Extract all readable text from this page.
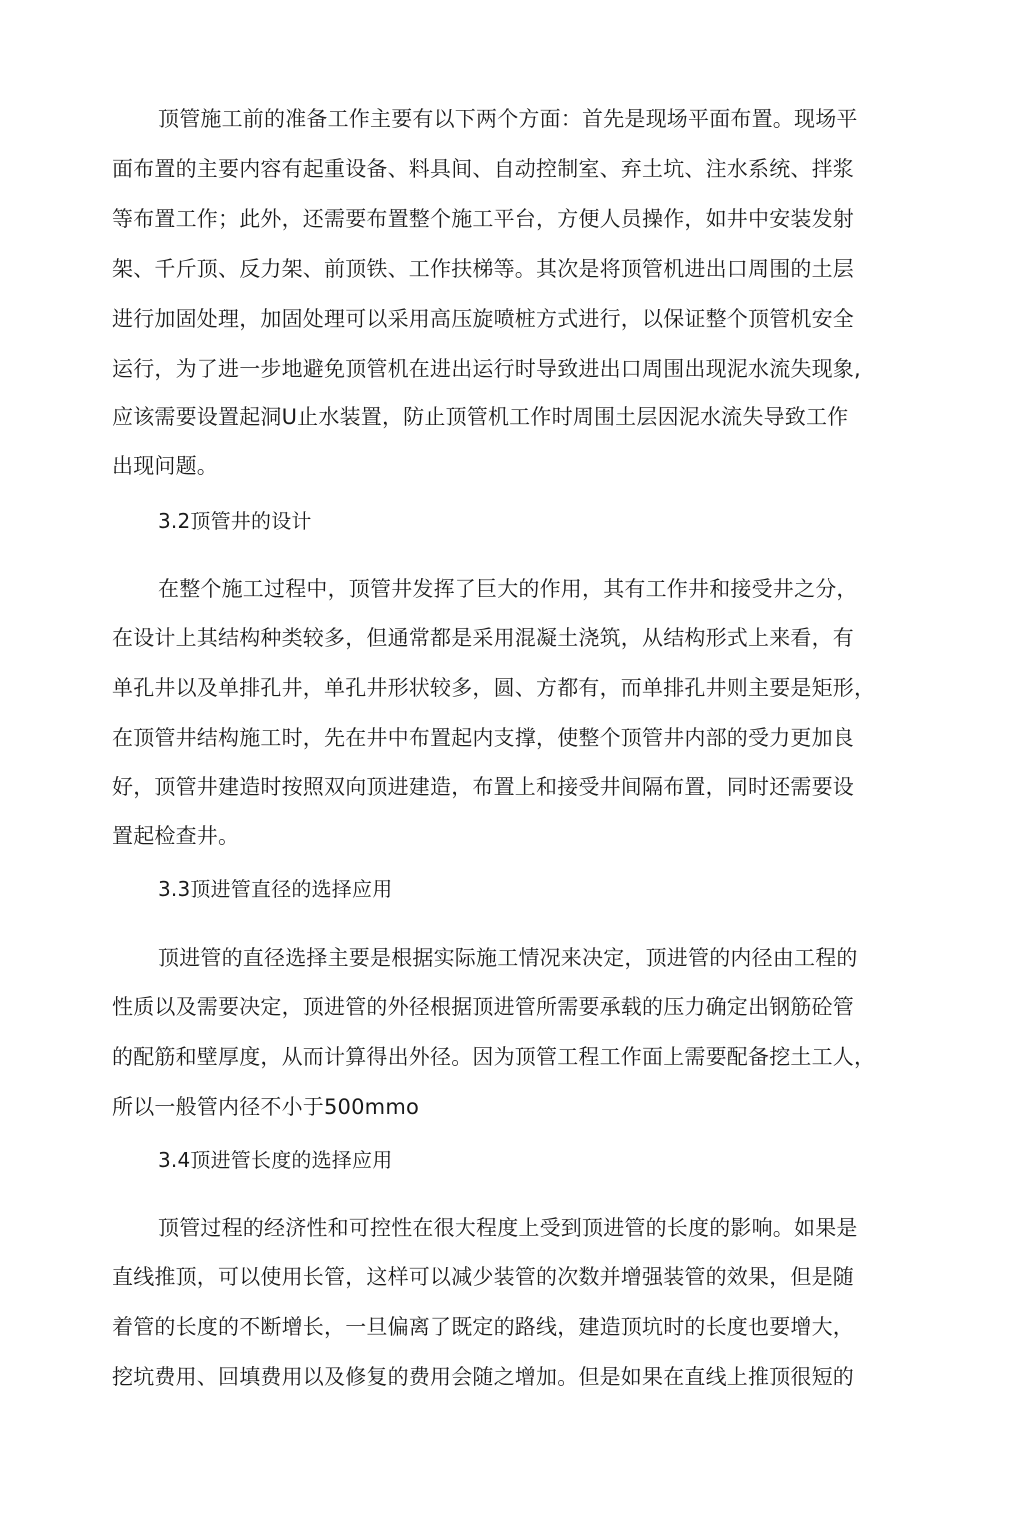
顶管施工前的准备工作主要有以下两个方面：首先是现场平面布置。现场平
面布置的主要内容有起重设备、料具间、自动控制室、弃土坑、注水系统、拌浆
等布置工作；此外，还需要布置整个施工平台，方便人员操作，如井中安装发射
架、千斤顶、反力架、前顶铁、工作扶梯等。其次是将顶管机进出口周围的土层
进行加固处理，加固处理可以采用高压旋喷桩方式进行，以保证整个顶管机安全
运行，为了进一步地避免顶管机在进出运行时导致进出口周围出现泥水流失现象,
应该需要设置起洞U止水装置，防止顶管机工作时周围土层因泥水流失导致工作
出现问题。
3.2顶管井的设计
在整个施工过程中，顶管井发挥了巨大的作用，其有工作井和接受井之分，
在设计上其结构种类较多，但通常都是采用混凝土浇筑，从结构形式上来看，有
单孔井以及单排孔井，单孔井形状较多，圆、方都有，而单排孔井则主要是矩形，
在顶管井结构施工时，先在井中布置起内支撑，使整个顶管井内部的受力更加良
好，顶管井建造时按照双向顶进建造，布置上和接受井间隔布置，同时还需要设
置起检查井。
3.3顶进管直径的选择应用
顶进管的直径选择主要是根据实际施工情况来决定，顶进管的内径由工程的
性质以及需要决定，顶进管的外径根据顶进管所需要承载的压力确定出钢筋砼管
的配筋和壁厚度，从而计算得出外径。因为顶管工程工作面上需要配备挖土工人，
所以一般管内径不小于500mmo
3.4顶进管长度的选择应用
顶管过程的经济性和可控性在很大程度上受到顶进管的长度的影响。如果是
直线推顶，可以使用长管，这样可以减少装管的次数并增强装管的效果，但是随
着管的长度的不断增长，一旦偏离了既定的路线，建造顶坑时的长度也要增大，
挖坑费用、回填费用以及修复的费用会随之增加。但是如果在直线上推顶很短的
